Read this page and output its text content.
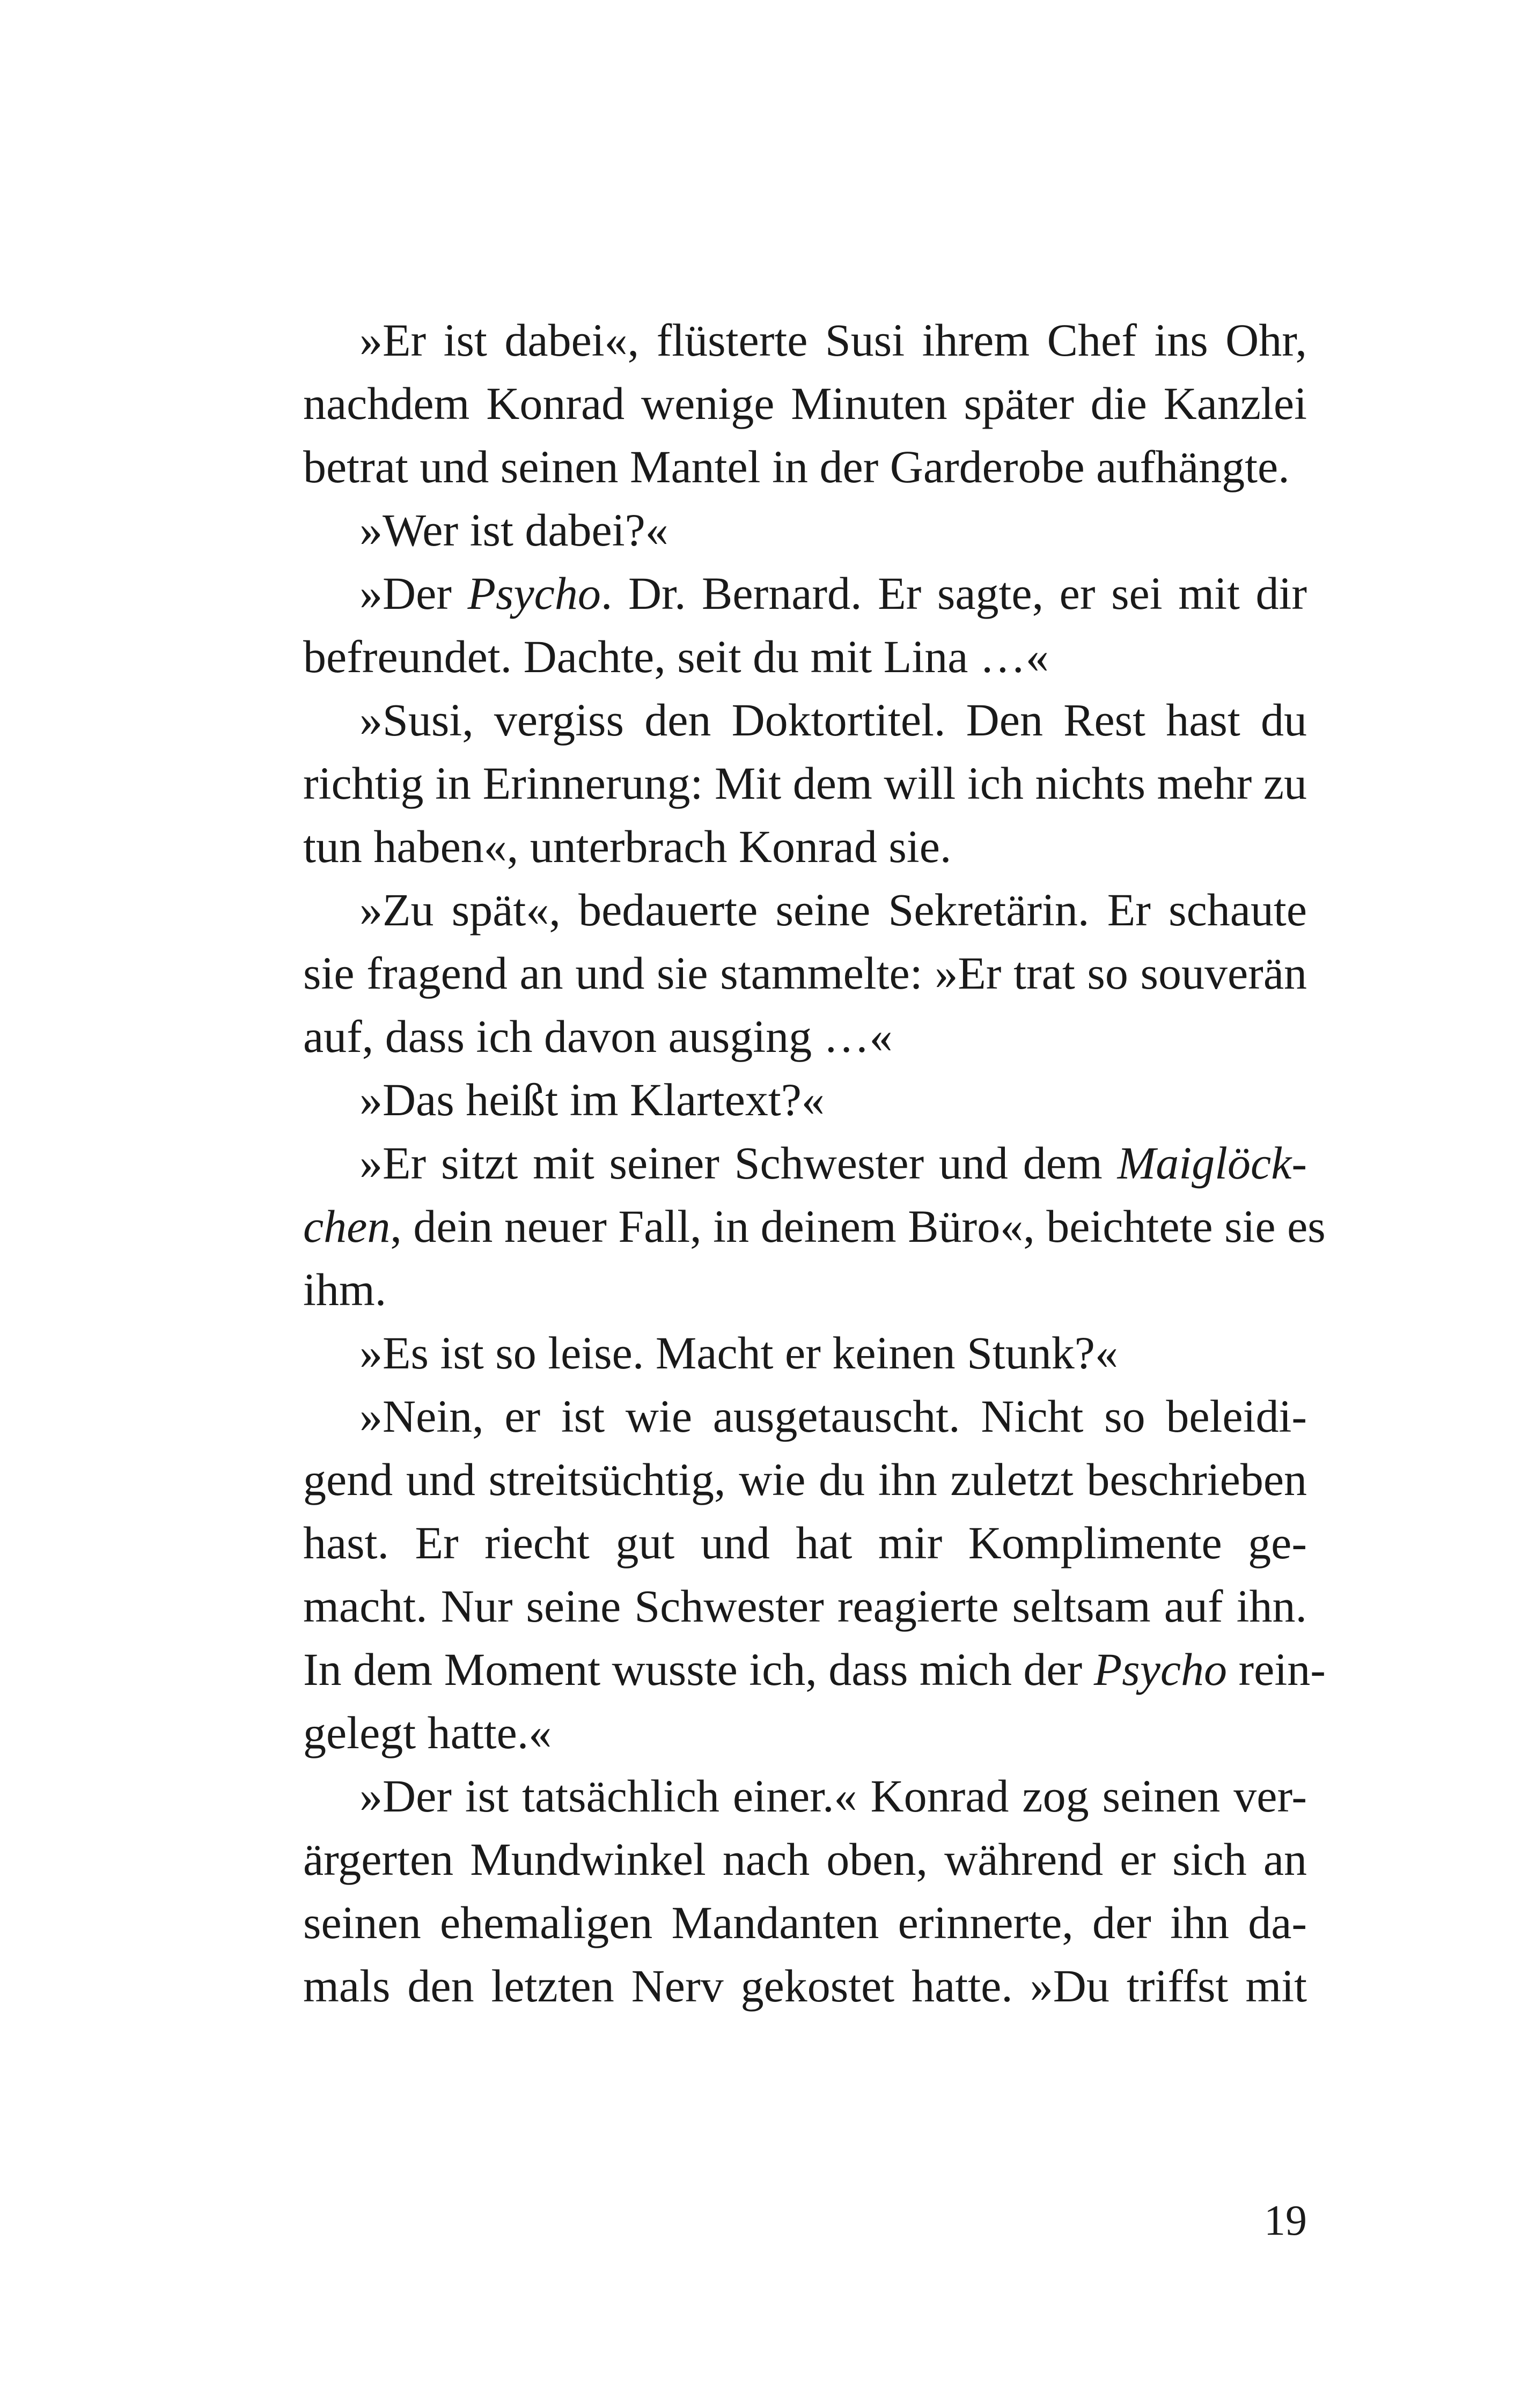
»Er ist dabei«, flüsterte Susi ihrem Chef ins Ohr,
nachdem Konrad wenige Minuten später die Kanzlei
betrat und seinen Mantel in der Garderobe aufhängte.
»Wer ist dabei?«
»Der Psycho. Dr. Bernard. Er sagte, er sei mit dir
befreundet. Dachte, seit du mit Lina …«
»Susi, vergiss den Doktortitel. Den Rest hast du
richtig in Erinnerung: Mit dem will ich nichts mehr zu
tun haben«, unterbrach Konrad sie.
»Zu spät«, bedauerte seine Sekretärin. Er schaute
sie fragend an und sie stammelte: »Er trat so souverän
auf, dass ich davon ausging …«
»Das heißt im Klartext?«
»Er sitzt mit seiner Schwester und dem Maiglöck-
chen, dein neuer Fall, in deinem Büro«, beichtete sie es
ihm.
»Es ist so leise. Macht er keinen Stunk?«
»Nein, er ist wie ausgetauscht. Nicht so beleidi-
gend und streitsüchtig, wie du ihn zuletzt beschrieben
hast. Er riecht gut und hat mir Komplimente ge-
macht. Nur seine Schwester reagierte seltsam auf ihn.
In dem Moment wusste ich, dass mich der Psycho rein-
gelegt hatte.«
»Der ist tatsächlich einer.« Konrad zog seinen ver-
ärgerten Mundwinkel nach oben, während er sich an
seinen ehemaligen Mandanten erinnerte, der ihn da-
mals den letzten Nerv gekostet hatte. »Du triffst mit
19
